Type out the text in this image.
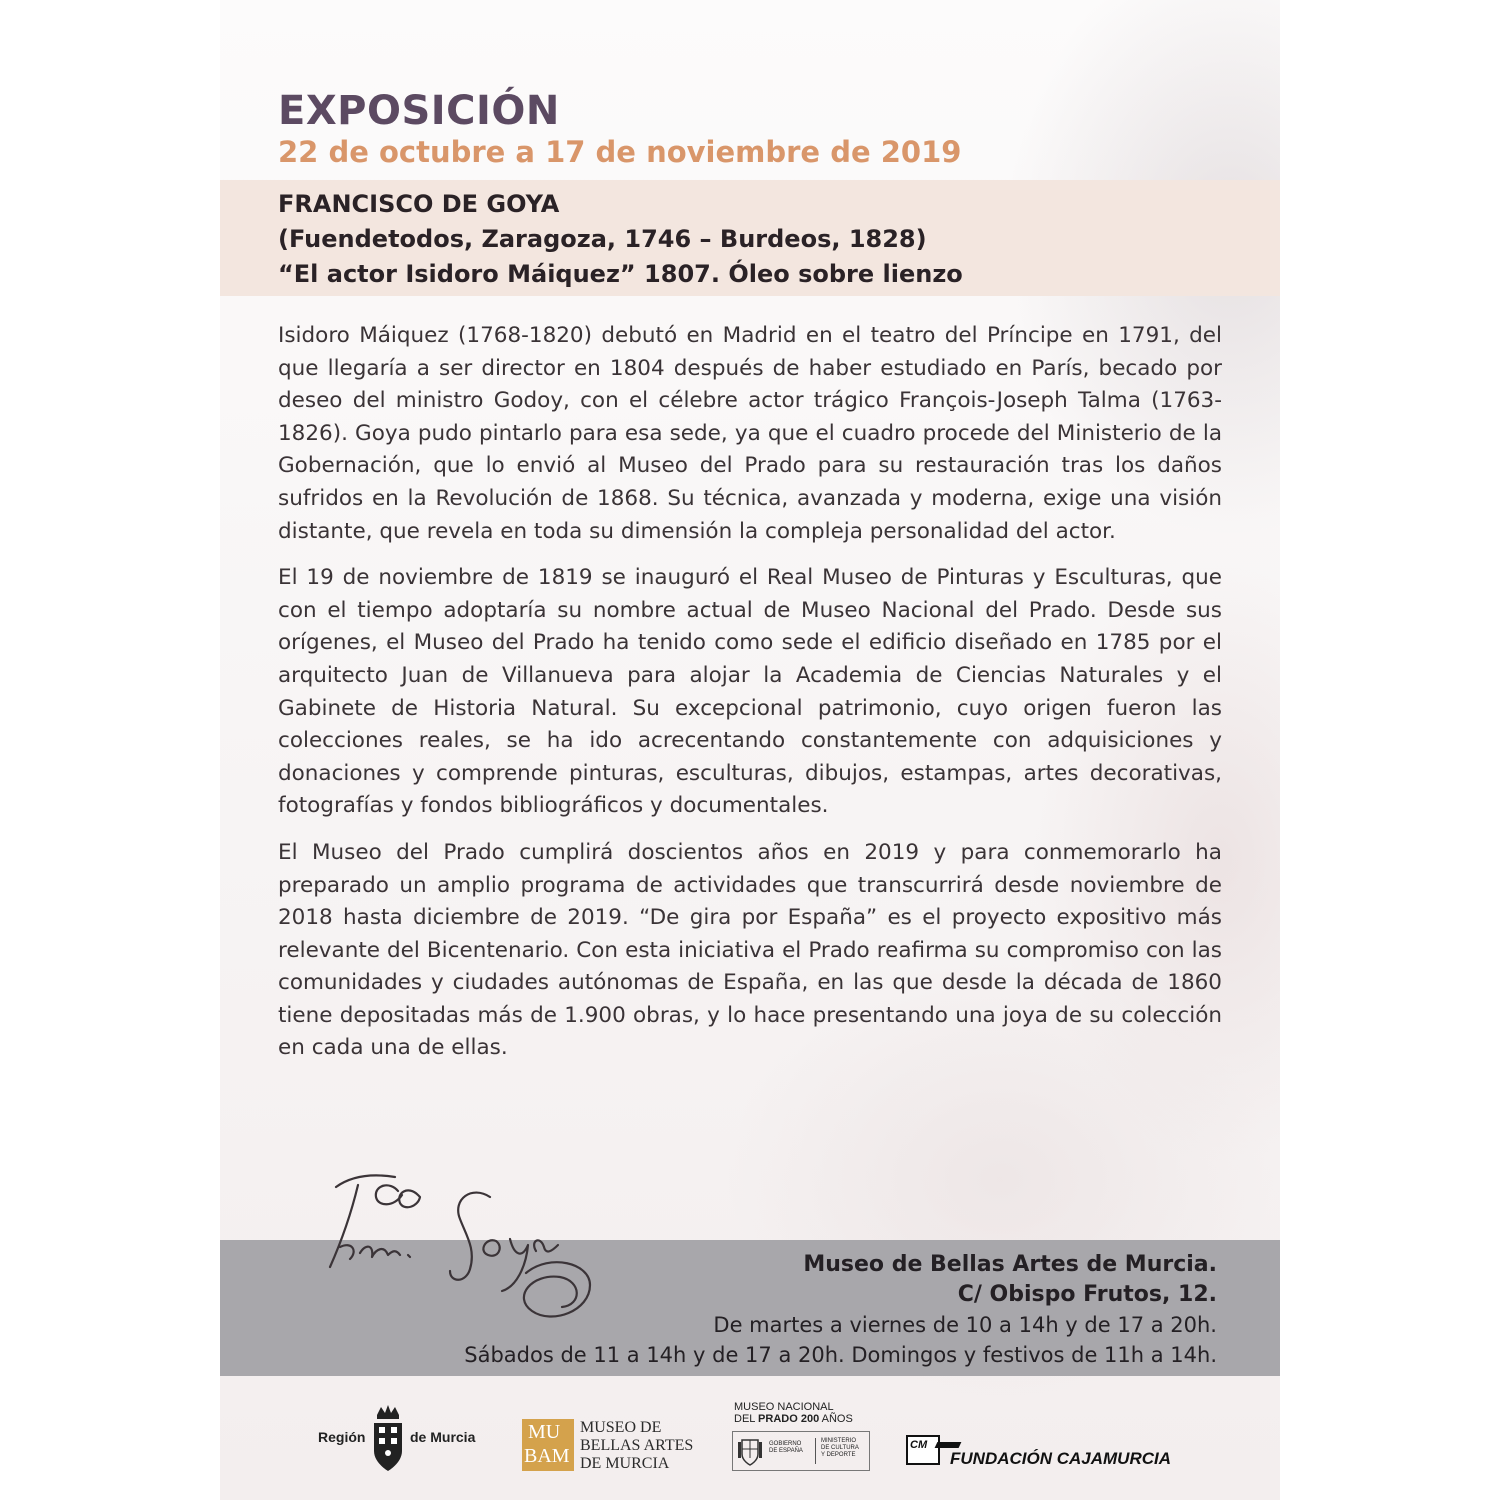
EXPOSICIÓN
22 de octubre a 17 de noviembre de 2019
FRANCISCO DE GOYA
(Fuendetodos, Zaragoza, 1746 – Burdeos, 1828)
“El actor Isidoro Máiquez” 1807. Óleo sobre lienzo

Isidoro Máiquez (1768-1820) debutó en Madrid en el teatro del Príncipe en 1791, del que llegaría a ser director en 1804 después de haber estudiado en París, becado por deseo del ministro Godoy, con el célebre actor trágico François-Joseph Talma (1763-1826). Goya pudo pintarlo para esa sede, ya que el cuadro procede del Ministerio de la Gobernación, que lo envió al Museo del Prado para su restauración tras los daños sufridos en la Revolución de 1868. Su técnica, avanzada y moderna, exige una visión distante, que revela en toda su dimensión la compleja personalidad del actor.

El 19 de noviembre de 1819 se inauguró el Real Museo de Pinturas y Esculturas, que con el tiempo adoptaría su nombre actual de Museo Nacional del Prado. Desde sus orígenes, el Museo del Prado ha tenido como sede el edificio diseñado en 1785 por el arquitecto Juan de Villanueva para alojar la Academia de Ciencias Naturales y el Gabinete de Historia Natural. Su excepcional patrimonio, cuyo origen fueron las colecciones reales, se ha ido acrecentando constantemente con adquisiciones y donaciones y comprende pinturas, esculturas, dibujos, estampas, artes decorativas, fotografías y fondos bibliográficos y documentales.

El Museo del Prado cumplirá doscientos años en 2019 y para conmemorarlo ha preparado un amplio programa de actividades que transcurrirá desde noviembre de 2018 hasta diciembre de 2019. “De gira por España” es el proyecto expositivo más relevante del Bicentenario. Con esta iniciativa el Prado reafirma su compromiso con las comunidades y ciudades autónomas de España, en las que desde la década de 1860 tiene depositadas más de 1.900 obras, y lo hace presentando una joya de su colección en cada una de ellas.

Museo de Bellas Artes de Murcia.
C/ Obispo Frutos, 12.
De martes a viernes de 10 a 14h y de 17 a 20h.
Sábados de 11 a 14h y de 17 a 20h. Domingos y festivos de 11h a 14h.
Región	de Murcia	MU
BAM
MUSEO DE
BELLAS ARTES
DE MURCIA
MUSEO NACIONAL
DEL PRADO 200 AÑOS
GOBIERNO
DE ESPAÑA
MINISTERIO
DE CULTURA
Y DEPORTE
CM
FUNDACIÓN CAJAMURCIA
